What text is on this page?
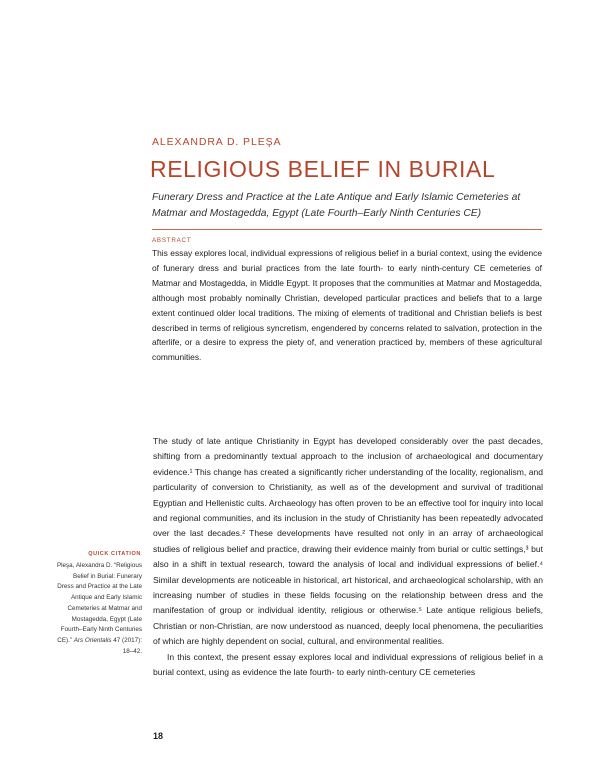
ALEXANDRA D. PLEŞA
RELIGIOUS BELIEF IN BURIAL
Funerary Dress and Practice at the Late Antique and Early Islamic Cemeteries at Matmar and Mostagedda, Egypt (Late Fourth–Early Ninth Centuries CE)
ABSTRACT
This essay explores local, individual expressions of religious belief in a burial context, using the evidence of funerary dress and burial practices from the late fourth- to early ninth-century CE cemeteries of Matmar and Mostagedda, in Middle Egypt. It proposes that the communities at Matmar and Mostagedda, although most probably nominally Christian, developed particular practices and beliefs that to a large extent continued older local traditions. The mixing of elements of traditional and Christian beliefs is best described in terms of religious syncretism, engendered by concerns related to salvation, protection in the afterlife, or a desire to express the piety of, and veneration practiced by, members of these agricultural communities.

The study of late antique Christianity in Egypt has developed considerably over the past decades, shifting from a predominantly textual approach to the inclusion of archaeological and documentary evidence.¹ This change has created a significantly richer understanding of the locality, regionalism, and particularity of conversion to Christianity, as well as of the development and survival of traditional Egyptian and Hellenistic cults. Archaeology has often proven to be an effective tool for inquiry into local and regional communities, and its inclusion in the study of Christianity has been repeatedly advocated over the last decades.² These developments have resulted not only in an array of archaeological studies of religious belief and practice, drawing their evidence mainly from burial or cultic settings,³ but also in a shift in textual research, toward the analysis of local and individual expressions of belief.⁴ Similar developments are noticeable in historical, art historical, and archaeological scholarship, with an increasing number of studies in these fields focusing on the relationship between dress and the manifestation of group or individual identity, religious or otherwise.⁵ Late antique religious beliefs, Christian or non-Christian, are now understood as nuanced, deeply local phenomena, the peculiarities of which are highly dependent on social, cultural, and environmental realities.

In this context, the present essay explores local and individual expressions of religious belief in a burial context, using as evidence the late fourth- to early ninth-century CE cemeteries

QUICK CITATION
Pleşa, Alexandra D. “Religious Belief in Burial: Funerary Dress and Practice at the Late Antique and Early Islamic Cemeteries at Matmar and Mostagedda, Egypt (Late Fourth–Early Ninth Centuries CE).” Ars Orientalis 47 (2017): 18–42.
18
